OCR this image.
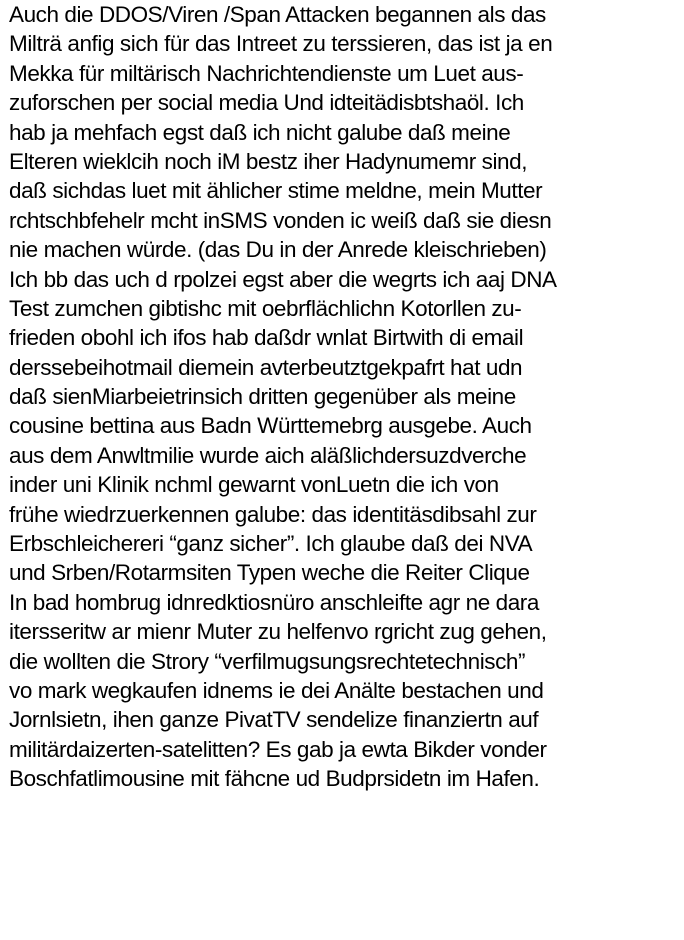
Auch die DDOS/Viren /Span Attacken begannen als das
Milträ anfig sich für das Intreet zu terssieren, das ist ja en
Mekka für miltärisch Nachrichtendienste um Luet aus-
zuforschen per social media Und idteitädisbtshaöl. Ich
hab ja mehfach egst daß ich nicht galube daß meine
Elteren wieklcih noch iM bestz iher Hadynumemr sind,
daß sichdas luet mit ählicher stime meldne, mein Mutter
rchtschbfehelr mcht inSMS vonden ic weiß daß sie diesn
nie machen würde. (das Du in der Anrede kleischrieben)
Ich bb das uch d rpolzei egst aber die wegrts ich aaj DNA
Test zumchen gibtishc mit oebrflächlichn Kotorllen zu-
frieden obohl ich ifos hab daßdr wnlat Birtwith di email
derssebeihotmail diemein avterbeutztgekpafrt hat udn
daß sienMiarbeietrinsich dritten gegenüber als meine
cousine bettina aus Badn Württemebrg ausgebe. Auch
aus dem Anwltmilie wurde aich aläßlichdersuzdverche
inder uni Klinik nchml gewarnt vonLuetn die ich von
frühe wiedrzuerkennen galube: das identitäsdibsahl zur
Erbschleichereri “ganz sicher”. Ich glaube daß dei NVA
und Srben/Rotarmsiten Typen weche die Reiter Clique
In bad hombrug idnredktiosnüro anschleifte agr ne dara
itersseritw ar mienr Muter zu helfenvo rgricht zug gehen,
die wollten die Strory “verfilmugsungsrechtetechnisch”
vo mark wegkaufen idnems ie dei Anälte bestachen und
Jornlsietn, ihen ganze PivatTV sendelize finanziertn auf
militärdaizerten-satelitten? Es gab ja ewta Bikder vonder
Boschfatlimousine mit fähcne ud Budprsidetn im Hafen.
